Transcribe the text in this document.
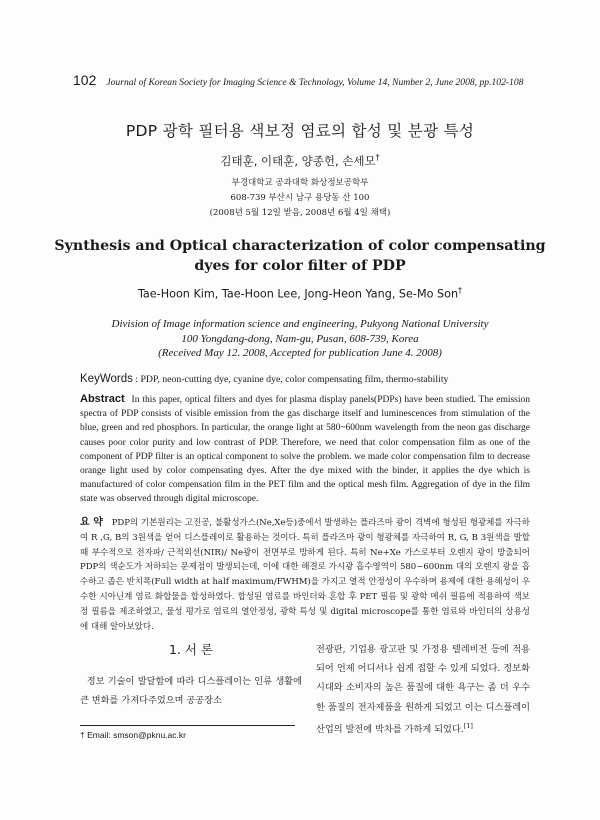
102 Journal of Korean Society for Imaging Science & Technology, Volume 14, Number 2, June 2008, pp.102-108
PDP 광학 필터용 색보정 염료의 합성 및 분광 특성
김태훈, 이태훈, 양종헌, 손세모†
부경대학교 공과대학 화상정보공학부
608-739 부산시 남구 용당동 산 100
(2008년 5월 12일 받음, 2008년 6월 4일 채택)
Synthesis and Optical characterization of color compensating
dyes for color filter of PDP
Tae-Hoon Kim, Tae-Hoon Lee, Jong-Heon Yang, Se-Mo Son†
Division of Image information science and engineering, Pukyong National University
100 Yongdang-dong, Nam-gu, Pusan, 608-739, Korea
(Received May 12. 2008, Accepted for publication June 4. 2008)
KeyWords : PDP, neon-cutting dye, cyanine dye, color compensating film, thermo-stability
Abstract In this paper, optical filters and dyes for plasma display panels(PDPs) have been studied. The emission spectra of PDP consists of visible emission from the gas discharge itself and luminescences from stimulation of the blue, green and red phosphors. In particular, the orange light at 580~600nm wavelength from the neon gas discharge causes poor color purity and low contrast of PDP. Therefore, we need that color compensation film as one of the component of PDP filter is an optical component to solve the problem. we made color compensation film to decrease orange light used by color compensating dyes. After the dye mixed with the binder, it applies the dye which is manufactured of color compensation film in the PET film and the optical mesh film. Aggregation of dye in the film state was observed through digital microscope.
요 약 PDP의 기본원리는 고진공, 불활성가스(Ne,Xe등)중에서 발생하는 플라즈마 광이 격벽에 형성된 형광체를 자극하여 R ,G, B의 3원색을 얻어 디스플레이로 활용하는 것이다. 특히 플라즈마 광이 형광체를 자극하여 R, G, B 3원색을 발할 때 부수적으로 전자파/ 근적외선(NIR)/ Ne광이 전면부로 방하게 된다. 특히 Ne+Xe 가스로부터 오렌지 광이 방출되어 PDP의 색순도가 저하되는 문제점이 발생되는데, 이에 대한 해결로 가시광 흡수영역이 580~600nm 대의 오렌지 광을 흡수하고 좁은 반치폭(Full width at half maximum/FWHM)을 가지고 열적 안정성이 우수하며 용제에 대한 용해성이 우수한 시아닌계 염료 화합물을 합성하였다. 합성된 염료를 바인더와 혼합 후 PET 필름 및 광학 메쉬 필름에 적용하여 색보정 필름을 제조하였고, 물성 평가로 염료의 열안정성, 광학 특성 및 digital microscope를 통한 염료와 바인더의 상용성에 대해 알아보았다.
1. 서 론
정보 기술이 발달함에 따라 디스플레이는 인류 생활에 큰 변화를 가져다주었으며 공공장소
† Email: smson@pknu.ac.kr
전광판, 기업용 광고판 및 가정용 텔레비전 등에 적용되어 언제 어디서나 쉽게 접할 수 있게 되었다. 정보화 시대와 소비자의 높은 품질에 대한 욕구는 좀 더 우수한 품질의 전자제품을 원하게 되었고 이는 디스플레이 산업의 발전에 박차를 가하게 되었다.[1]
